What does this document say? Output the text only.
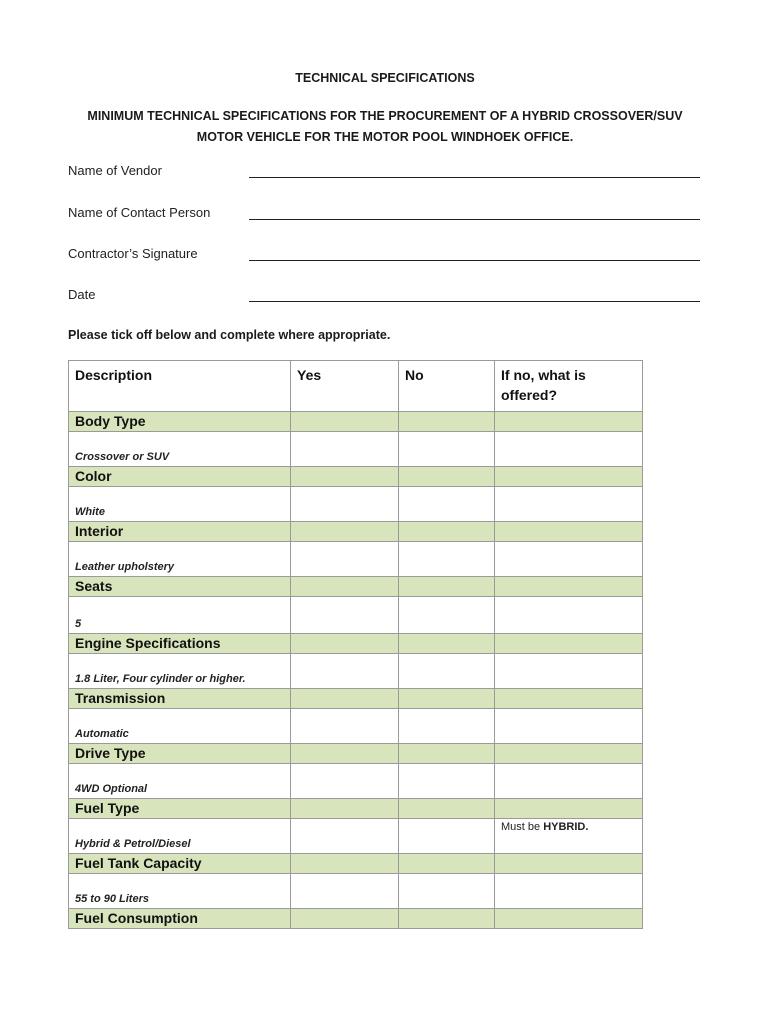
TECHNICAL SPECIFICATIONS
MINIMUM TECHNICAL SPECIFICATIONS FOR THE PROCUREMENT OF A HYBRID CROSSOVER/SUV MOTOR VEHICLE FOR THE MOTOR POOL WINDHOEK OFFICE.
Name of Vendor
Name of Contact Person
Contractor’s Signature
Date
Please tick off below and complete where appropriate.
Description	Yes	No	If no, what is offered?
Body Type			

Crossover or SUV			

Color			

White			

Interior			

Leather upholstery			

Seats			

5			

Engine Specifications			

1.8 Liter, Four cylinder or higher.			

Transmission			

Automatic			

Drive Type			

4WD Optional			

Fuel Type			

Hybrid & Petrol/Diesel			Must be HYBRID.

Fuel Tank Capacity			

55 to 90 Liters			

Fuel Consumption			
